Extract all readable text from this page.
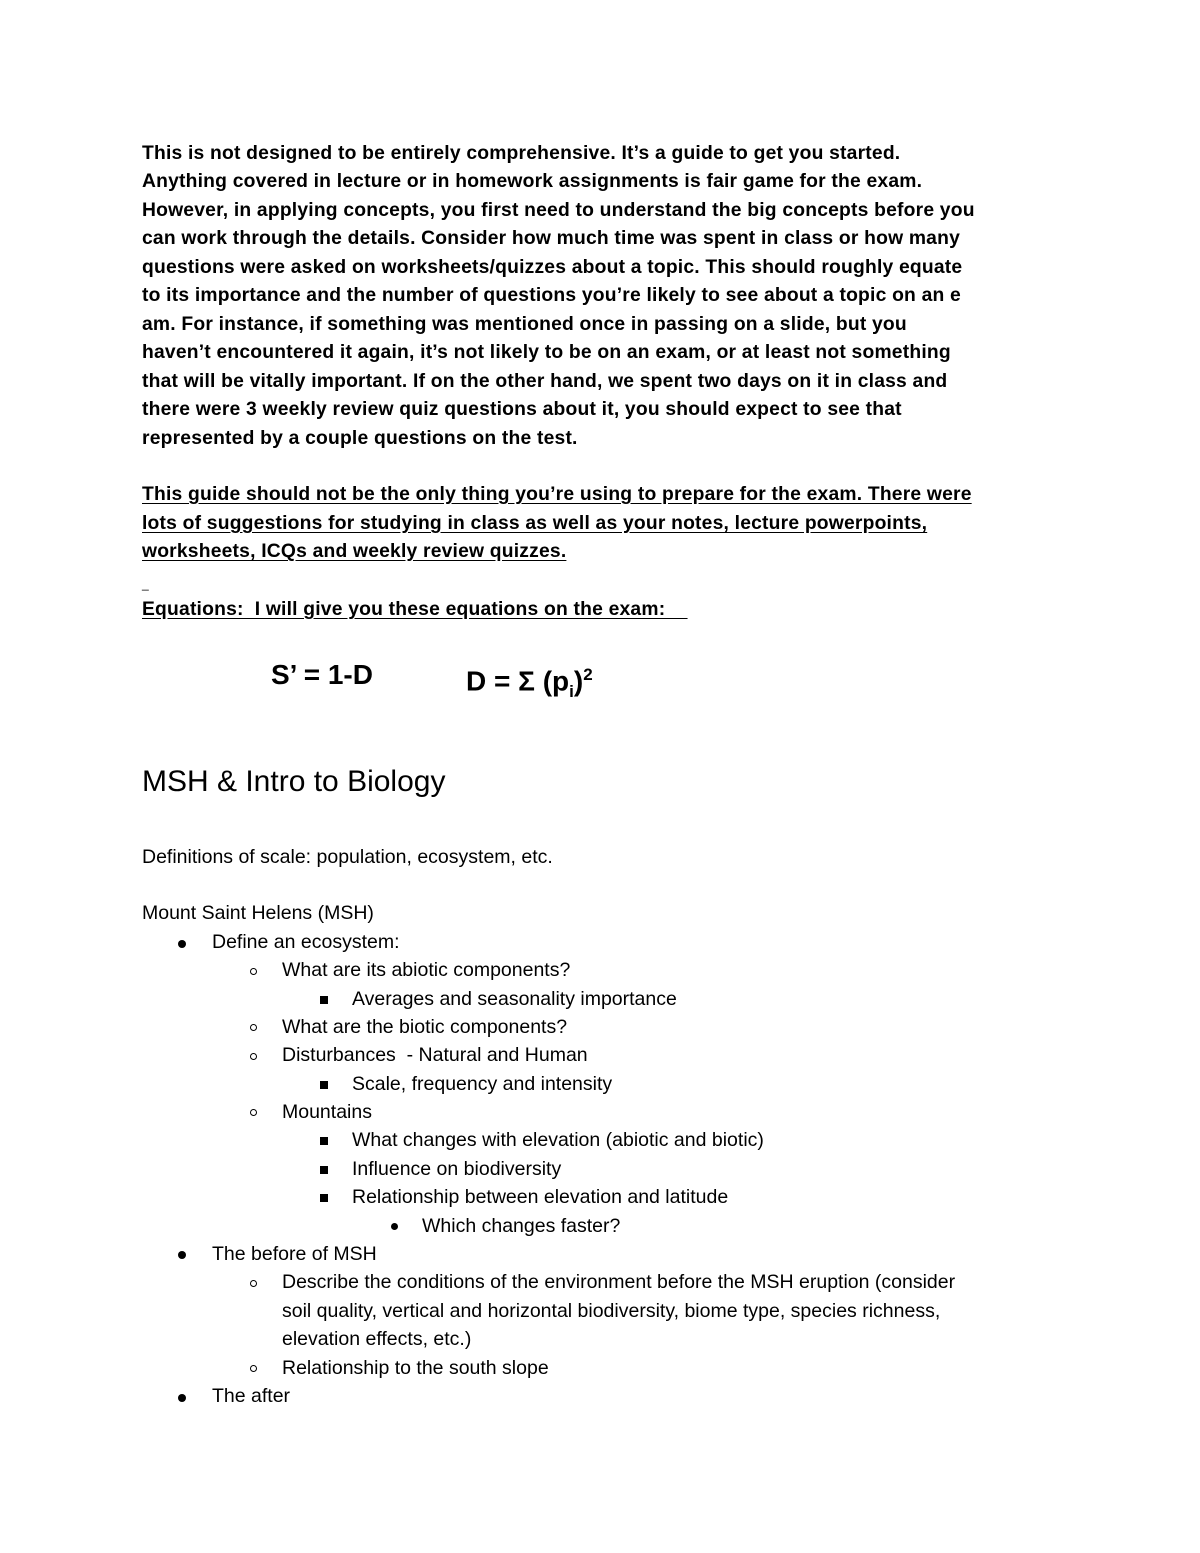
This is not designed to be entirely comprehensive. It’s a guide to get you started.
Anything covered in lecture or in homework assignments is fair game for the exam.
However, in applying concepts, you first need to understand the big concepts before you
can work through the details. Consider how much time was spent in class or how many
questions were asked on worksheets/quizzes about a topic. This should roughly equate
to its importance and the number of questions you’re likely to see about a topic on an e
am. For instance, if something was mentioned once in passing on a slide, but you
haven’t encountered it again, it’s not likely to be on an exam, or at least not something
that will be vitally important. If on the other hand, we spent two days on it in class and
there were 3 weekly review quiz questions about it, you should expect to see that
represented by a couple questions on the test.
This guide should not be the only thing you’re using to prepare for the exam. There were
lots of suggestions for studying in class as well as your notes, lecture powerpoints,
worksheets, ICQs and weekly review quizzes.
_
Equations:  I will give you these equations on the exam:
S’ = 1-D	D = Σ $(p_i)^2$
MSH & Intro to Biology
Definitions of scale: population, ecosystem, etc.
Mount Saint Helens (MSH)
Define an ecosystem:
What are its abiotic components?
Averages and seasonality importance
What are the biotic components?
Disturbances  - Natural and Human
Scale, frequency and intensity
Mountains
What changes with elevation (abiotic and biotic)
Influence on biodiversity
Relationship between elevation and latitude
Which changes faster?
The before of MSH
Describe the conditions of the environment before the MSH eruption (consider
soil quality, vertical and horizontal biodiversity, biome type, species richness,
elevation effects, etc.)
Relationship to the south slope
The after
